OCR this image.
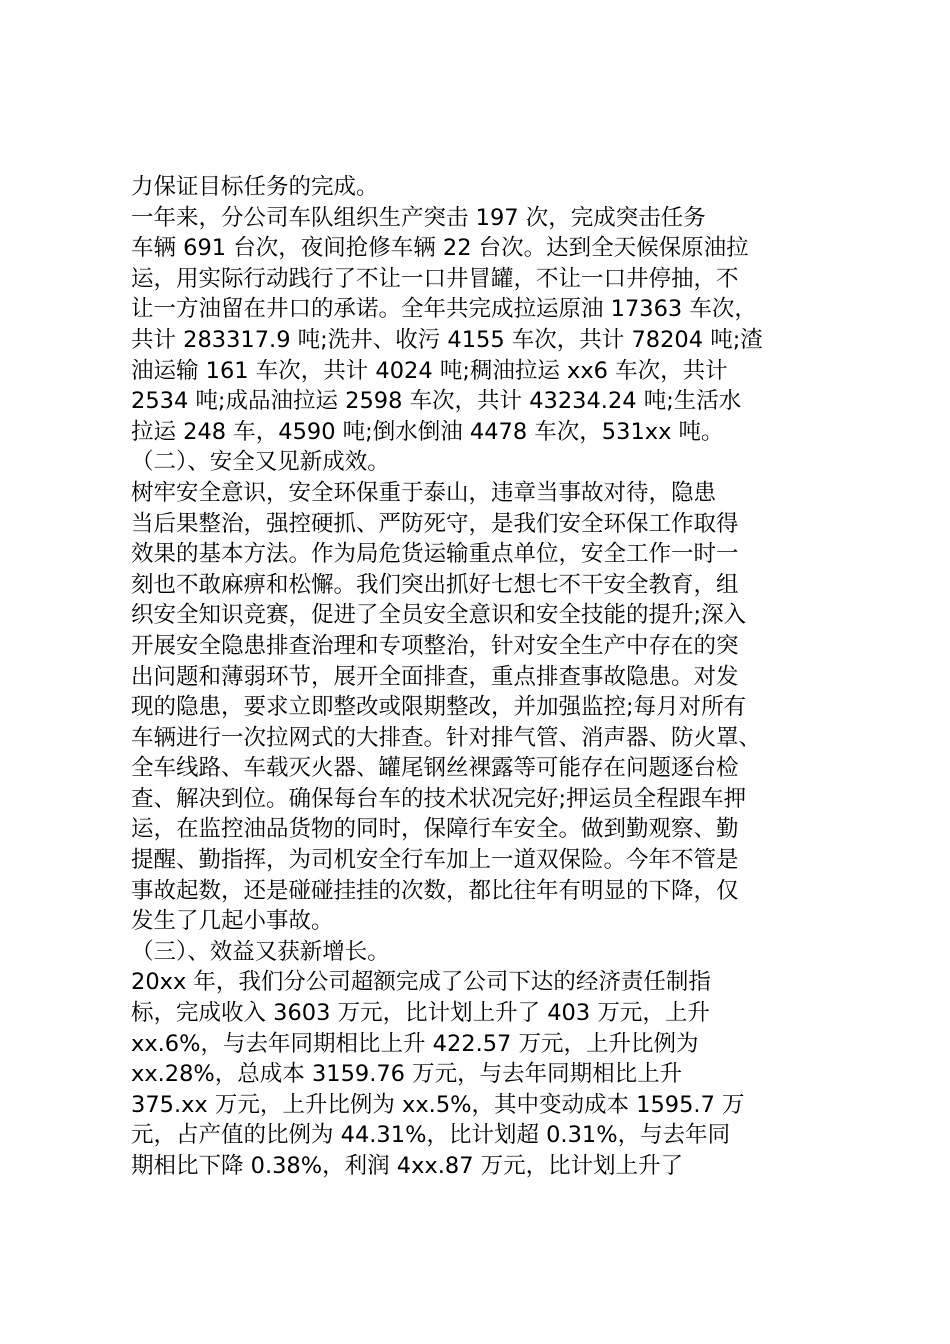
力保证目标任务的完成。
一年来，分公司车队组织生产突击 197 次，完成突击任务
车辆 691 台次，夜间抢修车辆 22 台次。达到全天候保原油拉
运，用实际行动践行了不让一口井冒罐，不让一口井停抽，不
让一方油留在井口的承诺。全年共完成拉运原油 17363 车次，
共计 283317.9 吨;洗井、收污 4155 车次，共计 78204 吨;渣
油运输 161 车次，共计 4024 吨;稠油拉运 xx6 车次，共计
2534 吨;成品油拉运 2598 车次，共计 43234.24 吨;生活水
拉运 248 车，4590 吨;倒水倒油 4478 车次，531xx 吨。
（二）、安全又见新成效。
树牢安全意识，安全环保重于泰山，违章当事故对待，隐患
当后果整治，强控硬抓、严防死守，是我们安全环保工作取得
效果的基本方法。作为局危货运输重点单位，安全工作一时一
刻也不敢麻痹和松懈。我们突出抓好七想七不干安全教育，组
织安全知识竞赛，促进了全员安全意识和安全技能的提升;深入
开展安全隐患排查治理和专项整治，针对安全生产中存在的突
出问题和薄弱环节，展开全面排查，重点排查事故隐患。对发
现的隐患，要求立即整改或限期整改，并加强监控;每月对所有
车辆进行一次拉网式的大排查。针对排气管、消声器、防火罩、
全车线路、车载灭火器、罐尾钢丝裸露等可能存在问题逐台检
查、解决到位。确保每台车的技术状况完好;押运员全程跟车押
运，在监控油品货物的同时，保障行车安全。做到勤观察、勤
提醒、勤指挥，为司机安全行车加上一道双保险。今年不管是
事故起数，还是碰碰挂挂的次数，都比往年有明显的下降，仅
发生了几起小事故。
（三）、效益又获新增长。
20xx 年，我们分公司超额完成了公司下达的经济责任制指
标，完成收入 3603 万元，比计划上升了 403 万元，上升
xx.6%，与去年同期相比上升 422.57 万元，上升比例为
xx.28%，总成本 3159.76 万元，与去年同期相比上升
375.xx 万元，上升比例为 xx.5%，其中变动成本 1595.7 万
元，占产值的比例为 44.31%，比计划超 0.31%，与去年同
期相比下降 0.38%，利润 4xx.87 万元，比计划上升了
